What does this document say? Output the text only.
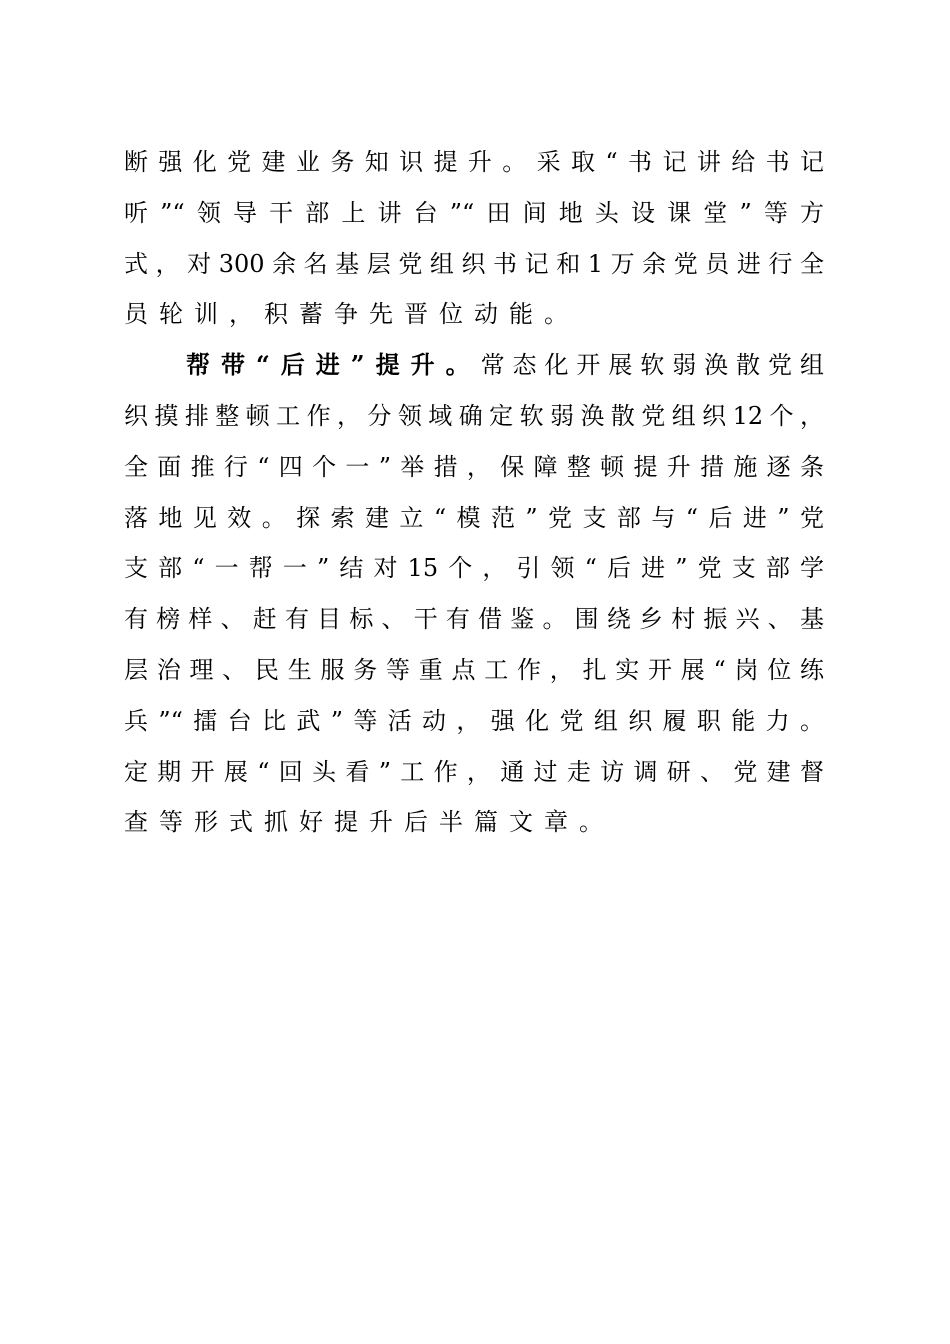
断强化党建业务知识提升。采取“书记讲给书记
听”“领导干部上讲台”“田间地头设课堂”等方
式，对300余名基层党组织书记和1万余党员进行全
员轮训，积蓄争先晋位动能。
帮带“后进”提升。 常态化开展软弱涣散党组
织摸排整顿工作，分领域确定软弱涣散党组织12个，
全面推行“四个一”举措，保障整顿提升措施逐条
落地见效。探索建立“模范”党支部与“后进”党
支部“一帮一”结对15个，引领“后进”党支部学
有榜样、赶有目标、干有借鉴。围绕乡村振兴、基
层治理、民生服务等重点工作，扎实开展“岗位练
兵”“擂台比武”等活动，强化党组织履职能力。
定期开展“回头看”工作，通过走访调研、党建督
查等形式抓好提升后半篇文章。
